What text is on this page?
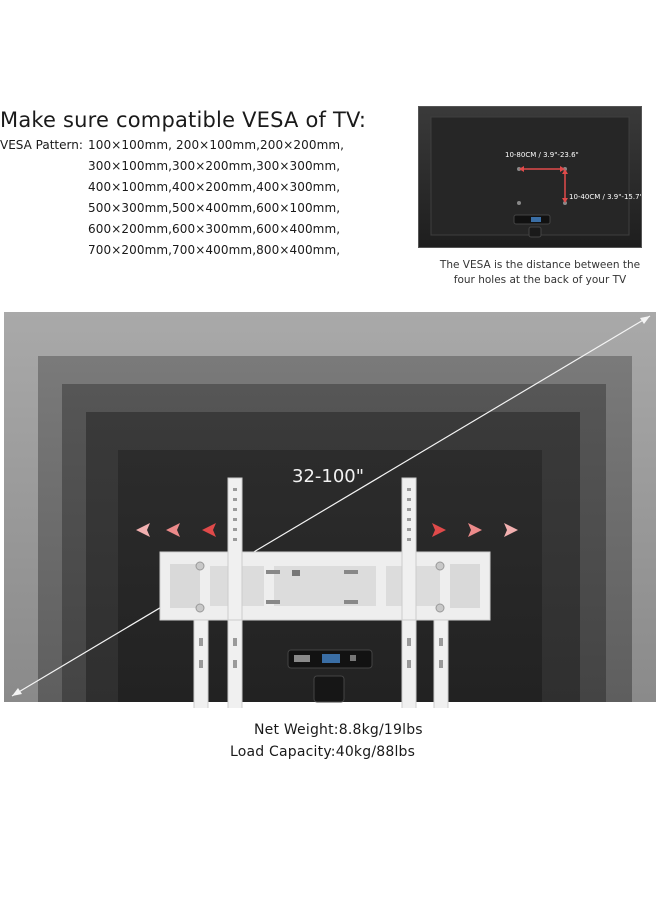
Make sure compatible VESA of TV:
VESA Pattern: 100×100mm, 200×100mm,200×200mm,
300×100mm,300×200mm,300×300mm,
400×100mm,400×200mm,400×300mm,
500×300mm,500×400mm,600×100mm,
600×200mm,600×300mm,600×400mm,
700×200mm,700×400mm,800×400mm,
10-80CM / 3.9"-23.6"
10-40CM / 3.9"-15.7"
The VESA is the distance between the
four holes at the back of your TV
32-100"
Net Weight:8.8kg/19lbs
Load Capacity:40kg/88lbs
